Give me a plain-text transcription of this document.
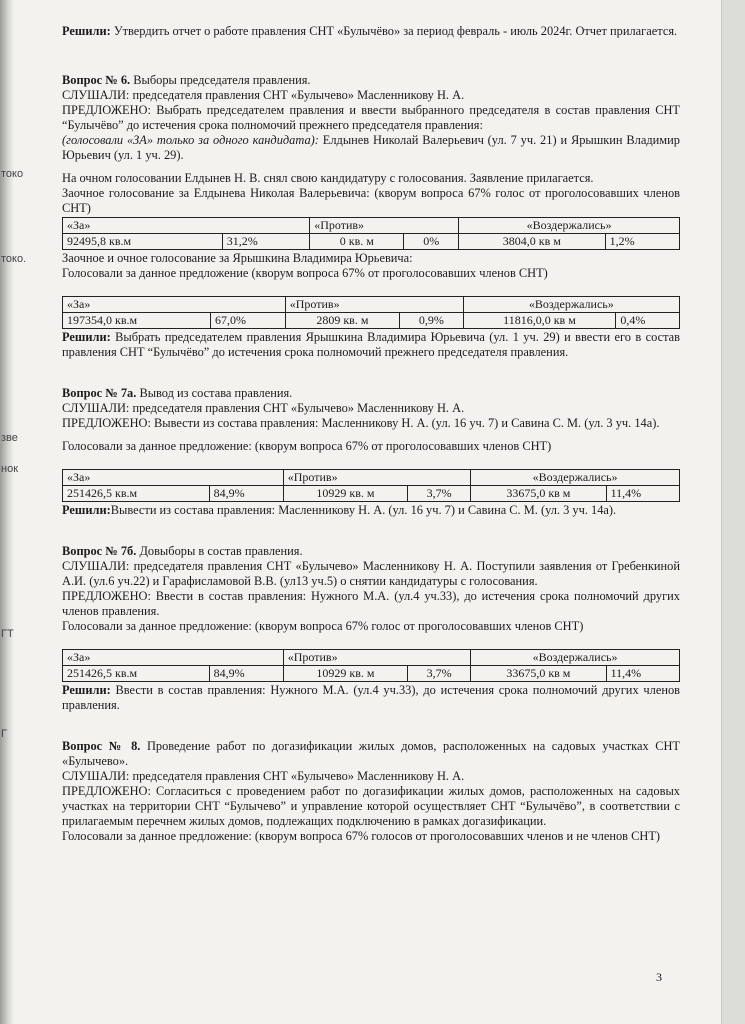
токо
токо.
зве
нок
ГТ
Г

Решили: Утвердить отчет о работе правления СНТ «Булычёво» за период февраль - июль 2024г. Отчет прилагается.

Вопрос № 6. Выборы председателя правления.

СЛУШАЛИ: председателя правления СНТ «Булычево» Масленникову Н. А.

ПРЕДЛОЖЕНО: Выбрать председателем правления и ввести выбранного председателя в состав правления СНТ “Булычёво” до истечения срока полномочий прежнего председателя правления:

(голосовали «ЗА» только за одного кандидата): Елдынев Николай Валерьевич (ул. 7 уч. 21) и Ярышкин Владимир Юрьевич (ул. 1 уч. 29).

На очном голосовании Елдынев Н. В. снял свою кандидатуру с голосования. Заявление прилагается.

Заочное голосование за Елдынева Николая Валерьевича: (кворум вопроса 67% голос от проголосовавших членов СНТ)

«За»		«Против»		«Воздержались»	
92495,8 кв.м	31,2%	0 кв. м	0%	3804,0 кв м	1,2%

Заочное и очное голосование за Ярышкина Владимира Юрьевича:

Голосовали за данное предложение (кворум вопроса 67% от проголосовавших членов СНТ)

«За»		«Против»		«Воздержались»	
197354,0 кв.м	67,0%	2809 кв. м	0,9%	11816,0,0 кв м	0,4%

Решили: Выбрать председателем правления Ярышкина Владимира Юрьевича (ул. 1 уч. 29) и ввести его в состав правления СНТ “Булычёво” до истечения срока полномочий прежнего председателя правления.

Вопрос № 7а. Вывод из состава правления.

СЛУШАЛИ: председателя правления СНТ «Булычево» Масленникову Н. А.

ПРЕДЛОЖЕНО: Вывести из состава правления: Масленникову Н. А. (ул. 16 уч. 7) и Савина С. М. (ул. 3 уч. 14а).

Голосовали за данное предложение: (кворум вопроса 67% от проголосовавших членов СНТ)

«За»		«Против»		«Воздержались»	
251426,5 кв.м	84,9%	10929 кв. м	3,7%	33675,0 кв м	11,4%

Решили:Вывести из состава правления: Масленникову Н. А. (ул. 16 уч. 7) и Савина С. М. (ул. 3 уч. 14а).

Вопрос № 7б. Довыборы в состав правления.

СЛУШАЛИ: председателя правления СНТ «Булычево» Масленникову Н. А. Поступили заявления от Гребенкиной А.И. (ул.6 уч.22) и Гарафисламовой В.В. (ул13 уч.5) о снятии кандидатуры с голосования.

ПРЕДЛОЖЕНО: Ввести в состав правления: Нужного М.А. (ул.4 уч.33), до истечения срока полномочий других членов правления.

Голосовали за данное предложение: (кворум вопроса 67% голос от проголосовавших членов СНТ)

«За»		«Против»		«Воздержались»	
251426,5 кв.м	84,9%	10929 кв. м	3,7%	33675,0 кв м	11,4%

Решили: Ввести в состав правления: Нужного М.А. (ул.4 уч.33), до истечения срока полномочий других членов правления.

Вопрос № 8. Проведение работ по догазификации жилых домов, расположенных на садовых участках СНТ «Булычево».

СЛУШАЛИ: председателя правления СНТ «Булычево» Масленникову Н. А.

ПРЕДЛОЖЕНО: Согласиться с проведением работ по догазификации жилых домов, расположенных на садовых участках на территории СНТ “Булычево” и управление которой осуществляет СНТ “Булычёво”, в соответствии с прилагаемым перечнем жилых домов, подлежащих подключению в рамках догазификации.

Голосовали за данное предложение: (кворум вопроса 67% голосов от проголосовавших членов и не членов СНТ)

3
